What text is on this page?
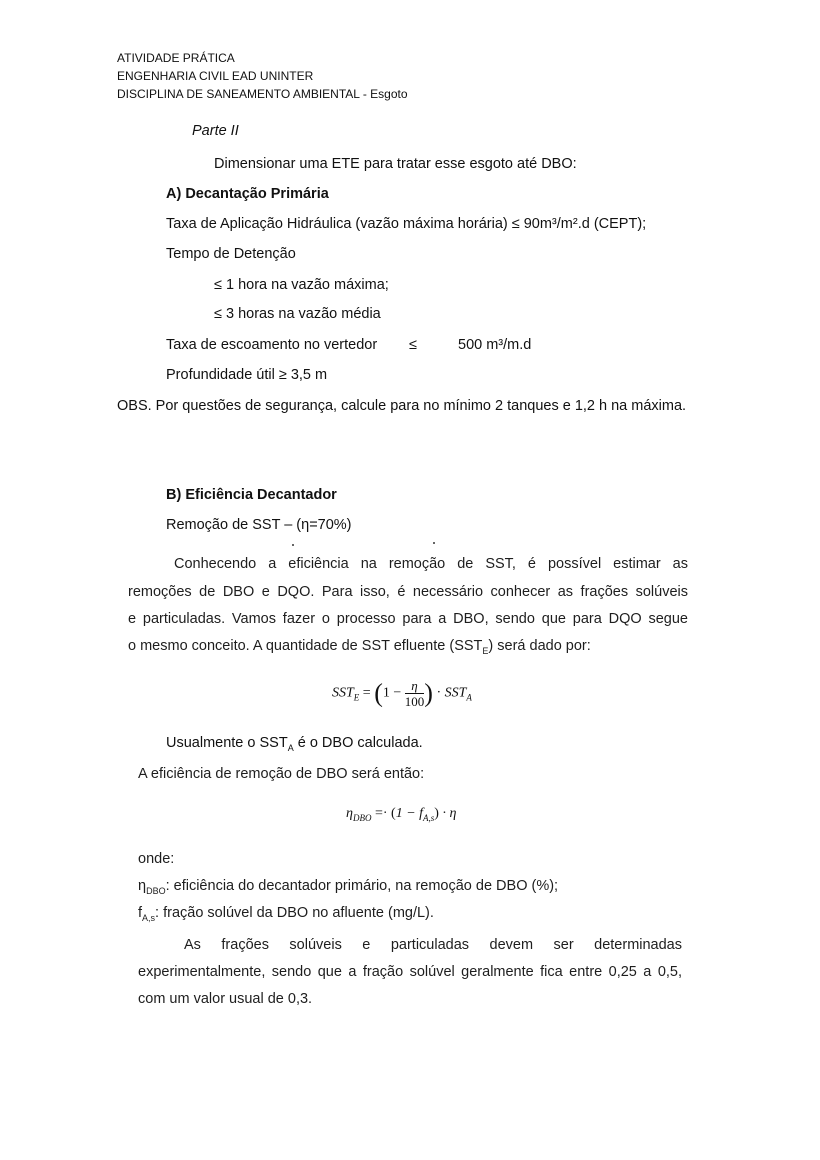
ATIVIDADE PRÁTICA
ENGENHARIA CIVIL EAD UNINTER
DISCIPLINA DE SANEAMENTO AMBIENTAL - Esgoto
Parte II
Dimensionar uma ETE para tratar esse esgoto até DBO:
A) Decantação Primária
Taxa de Aplicação Hidráulica (vazão máxima horária) ≤ 90m³/m².d (CEPT);
Tempo de Detenção
≤ 1 hora na vazão máxima;
≤ 3 horas na vazão média
Taxa de escoamento no vertedor ≤	500 m³/m.d
Profundidade útil ≥ 3,5 m
OBS. Por questões de segurança, calcule para no mínimo 2 tanques e 1,2 h na máxima.
B) Eficiência Decantador
Remoção de SST – (η=70%)
Conhecendo a eficiência na remoção de SST, é possível estimar as
remoções de DBO e DQO. Para isso, é necessário conhecer as frações solúveis
e particuladas. Vamos fazer o processo para a DBO, sendo que para DQO segue
o mesmo conceito. A quantidade de SST efluente $(SST_E)$ será dado por:
$SST_E = (1 - \frac{\eta}{100}$ ) · $SST_A$
Usualmente o $SST_A$ é o DBO calculada.
A eficiência de remoção de DBO será então:
$\eta_{DBO} =\cdot (1 - f_{A,s}) \cdot \eta$
onde:
$\eta_{DBO}$: eficiência do decantador primário, na remoção de DBO (%);
$f_{A,s}$: fração solúvel da DBO no afluente (mg/L).
As frações solúveis e particuladas devem ser determinadas
experimentalmente, sendo que a fração solúvel geralmente fica entre 0,25 a 0,5,
com um valor usual de 0,3.
